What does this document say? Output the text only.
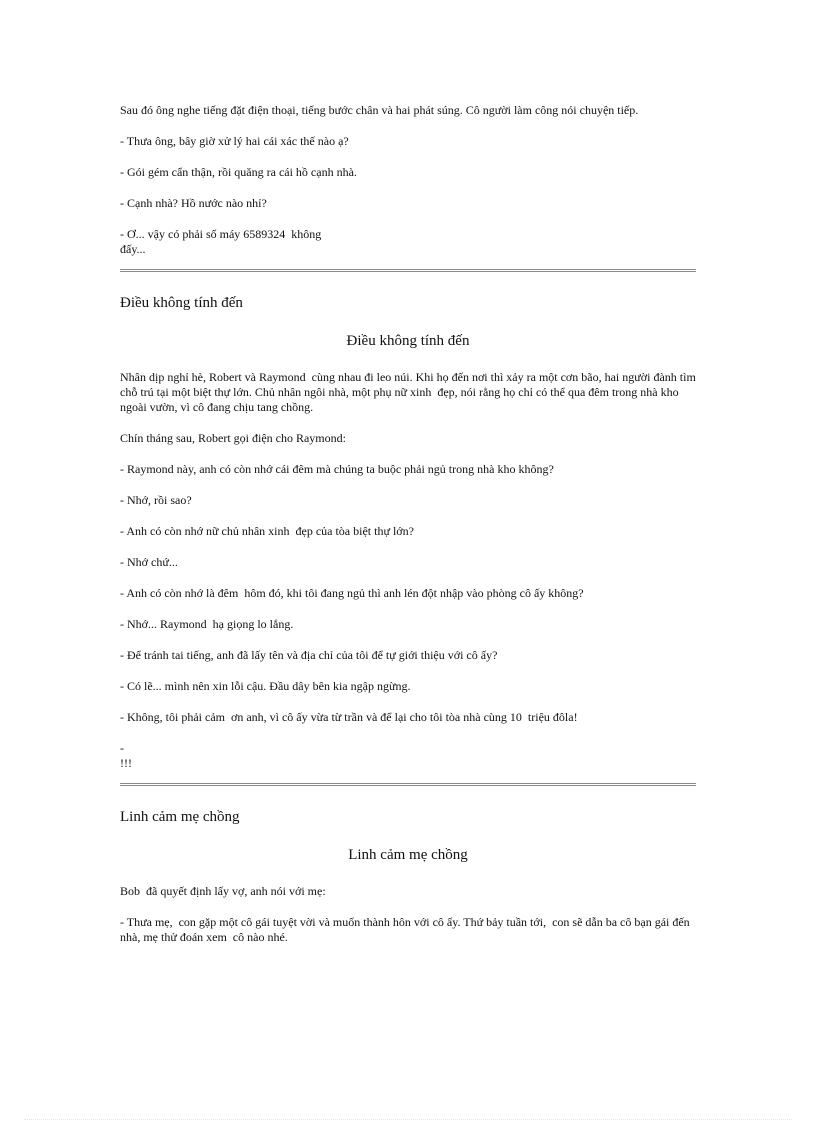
Sau đó ông nghe tiếng đặt điện thoại, tiếng bước chân và hai phát súng. Cô người làm công nói chuyện tiếp.

- Thưa ông, bây giờ xử lý hai cái xác thế nào ạ?

- Gói gém cẩn thận, rồi quăng ra cái hồ cạnh nhà.

- Cạnh nhà? Hồ nước nào nhỉ?

- Ơ... vậy có phải số máy 6589324  không

đấy...

Điều không tính đến
Điều không tính đến

Nhân dịp nghỉ hè, Robert và Raymond  cùng nhau đi leo núi. Khi họ đến nơi thì xảy ra một cơn bão, hai người đành tìm chỗ trú tại một biệt thự lớn. Chủ nhân ngôi nhà, một phụ nữ xinh  đẹp, nói rằng họ chỉ có thể qua đêm trong nhà kho ngoài vườn, vì cô đang chịu tang chồng.

Chín tháng sau, Robert gọi điện cho Raymond:

- Raymond này, anh có còn nhớ cái đêm mà chúng ta buộc phải ngủ trong nhà kho không?

- Nhớ, rồi sao?

- Anh có còn nhớ nữ chủ nhân xinh  đẹp của tòa biệt thự lớn?

- Nhớ chứ...

- Anh có còn nhớ là đêm  hôm đó, khi tôi đang ngủ thì anh lén đột nhập vào phòng cô ấy không?

- Nhớ... Raymond  hạ giọng lo lắng.

- Để tránh tai tiếng, anh đã lấy tên và địa chỉ của tôi để tự giới thiệu với cô ấy?

- Có lẽ... mình nên xin lỗi cậu. Đầu dây bên kia ngập ngừng.

- Không, tôi phải cảm  ơn anh, vì cô ấy vừa từ trần và để lại cho tôi tòa nhà cùng 10  triệu đôla!

-

!!!

Linh cảm mẹ chồng
Linh cảm mẹ chồng

Bob  đã quyết định lấy vợ, anh nói với mẹ:

- Thưa mẹ,  con gặp một cô gái tuyệt vời và muốn thành hôn với cô ấy. Thứ bảy tuần tới,  con sẽ dẫn ba cô bạn gái đến nhà, mẹ thử đoán xem  cô nào nhé.
